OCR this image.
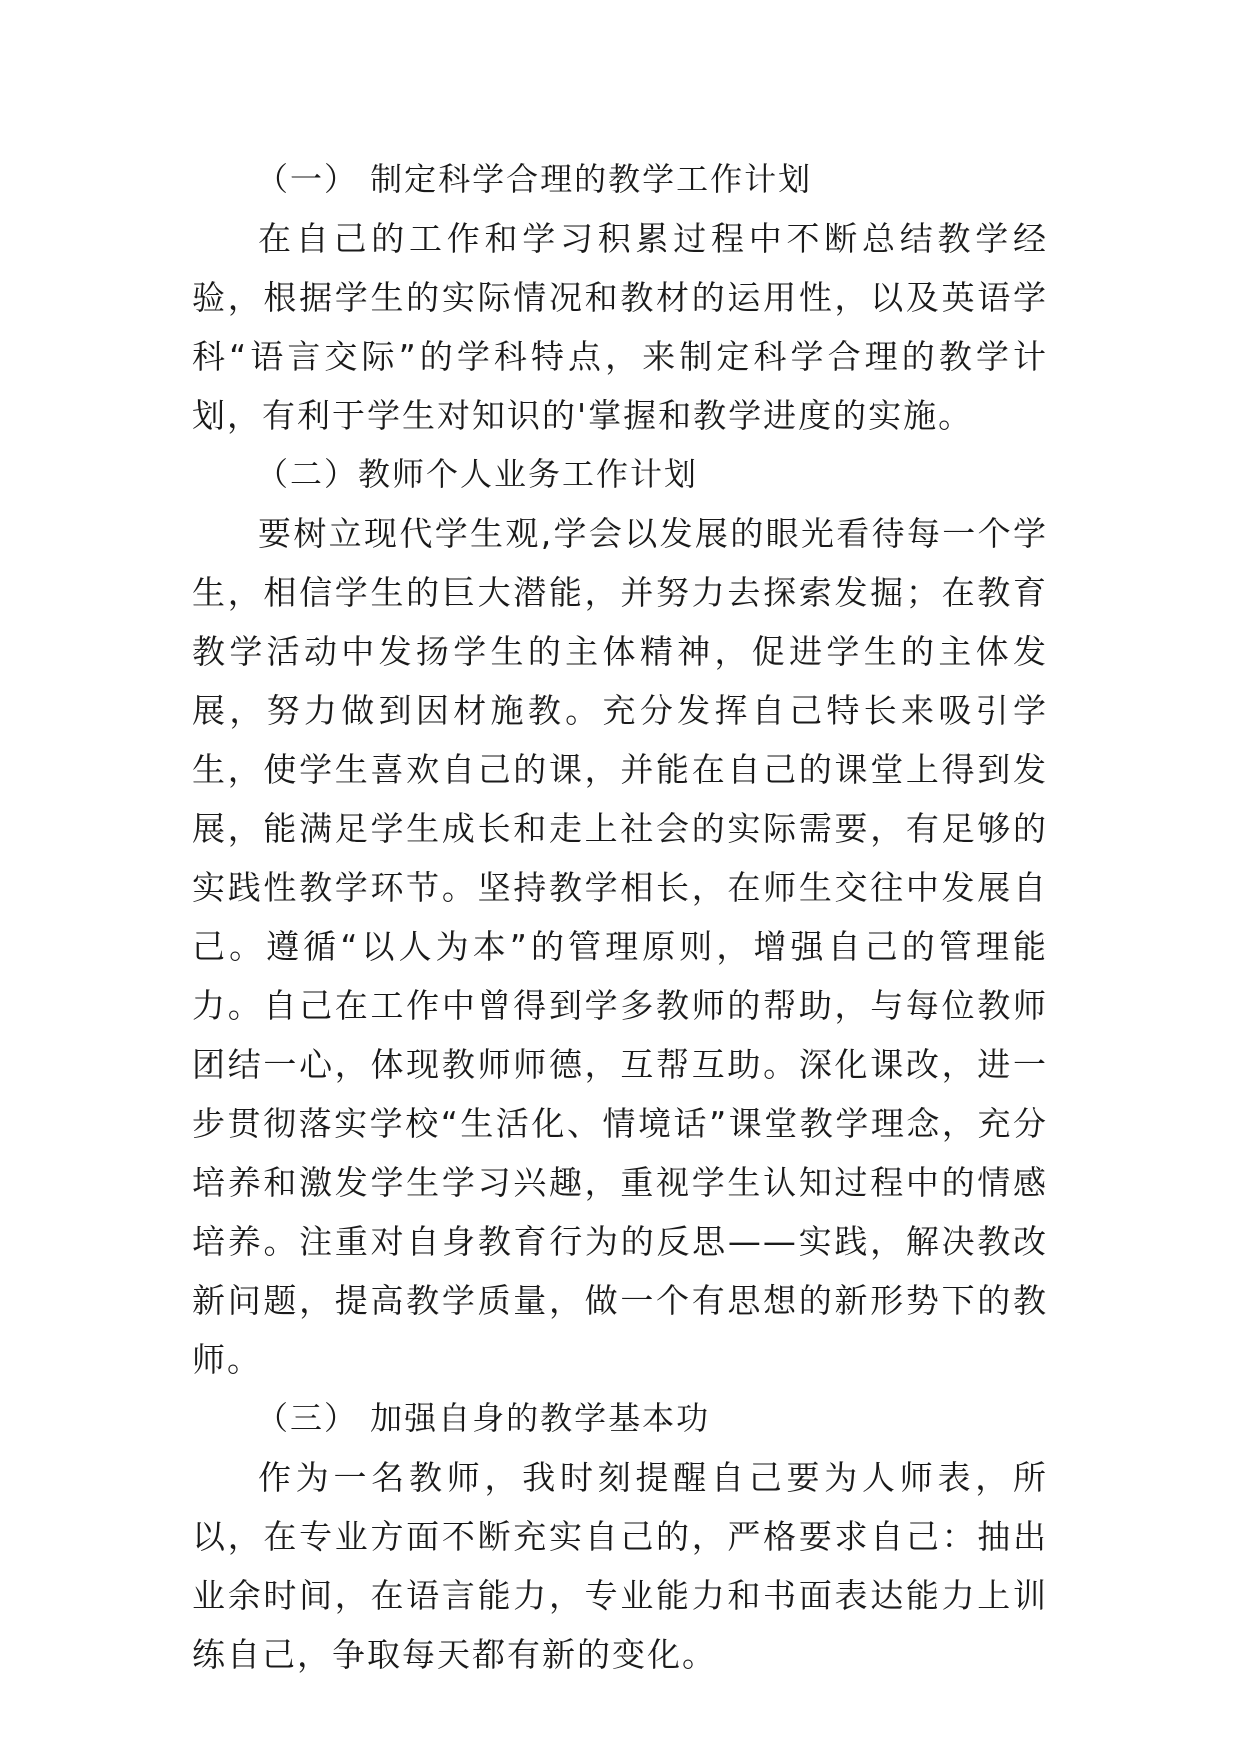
（一） 制定科学合理的教学工作计划

在自己的工作和学习积累过程中不断总结教学经验，根据学生的实际情况和教材的运用性，以及英语学科“语言交际”的学科特点，来制定科学合理的教学计划，有利于学生对知识的'掌握和教学进度的实施。

（二）教师个人业务工作计划

要树立现代学生观,学会以发展的眼光看待每一个学生，相信学生的巨大潜能，并努力去探索发掘；在教育教学活动中发扬学生的主体精神，促进学生的主体发展，努力做到因材施教。充分发挥自己特长来吸引学生，使学生喜欢自己的课，并能在自己的课堂上得到发展，能满足学生成长和走上社会的实际需要，有足够的实践性教学环节。坚持教学相长，在师生交往中发展自己。遵循“以人为本”的管理原则，增强自己的管理能力。自己在工作中曾得到学多教师的帮助，与每位教师团结一心，体现教师师德，互帮互助。深化课改，进一步贯彻落实学校“生活化、情境话”课堂教学理念，充分培养和激发学生学习兴趣，重视学生认知过程中的情感培养。注重对自身教育行为的反思——实践，解决教改新问题，提高教学质量，做一个有思想的新形势下的教师。

（三） 加强自身的教学基本功

作为一名教师，我时刻提醒自己要为人师表，所以，在专业方面不断充实自己的，严格要求自己：抽出业余时间，在语言能力，专业能力和书面表达能力上训练自己，争取每天都有新的变化。
